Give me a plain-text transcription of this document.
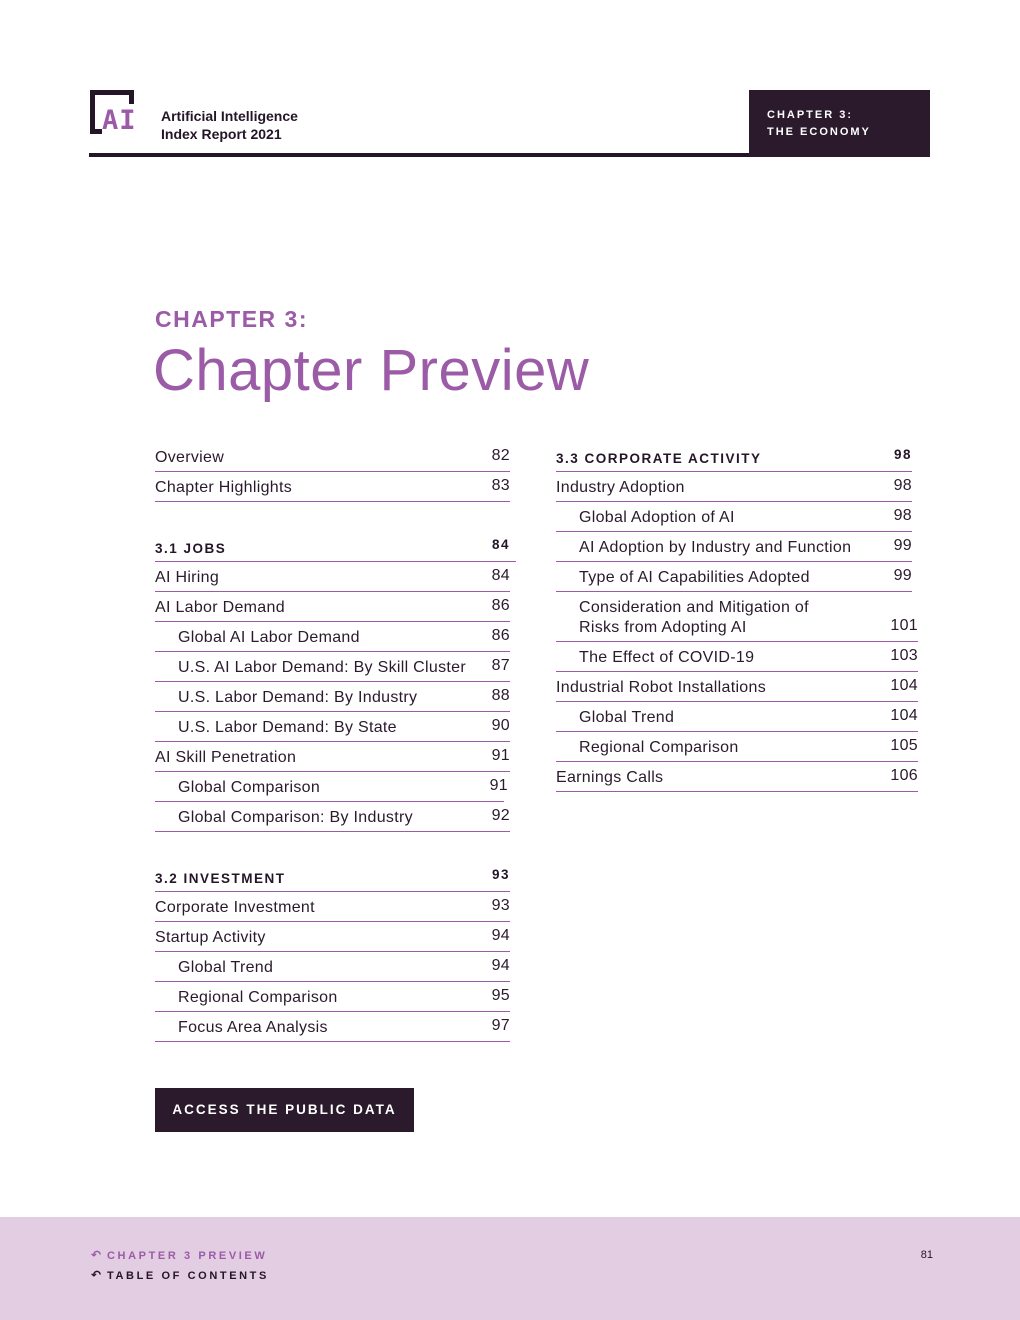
AI Artificial Intelligence
Index Report 2021
CHAPTER 3:
THE ECONOMY
CHAPTER 3:
Chapter Preview
Overview	82
Chapter Highlights	83
3.1 JOBS	84
AI Hiring	84
AI Labor Demand	86
Global AI Labor Demand	86
U.S. AI Labor Demand: By Skill Cluster 87
U.S. Labor Demand: By Industry	88
U.S. Labor Demand: By State	90
AI Skill Penetration	91
Global Comparison	91
Global Comparison: By Industry	92
3.2 INVESTMENT	93
Corporate Investment	93
Startup Activity	94
Global Trend	94
Regional Comparison	95
Focus Area Analysis	97
3.3 CORPORATE ACTIVITY	98
Industry Adoption	98
Global Adoption of AI	98
AI Adoption by Industry and Function	99
Type of AI Capabilities Adopted	99
Consideration and Mitigation of
Risks from Adopting AI	101
The Effect of COVID-19	103
Industrial Robot Installations	104
Global Trend	104
Regional Comparison	105
Earnings Calls	106
ACCESS THE PUBLIC DATA
↶ CHAPTER 3 PREVIEW
↶ TABLE OF CONTENTS
81
